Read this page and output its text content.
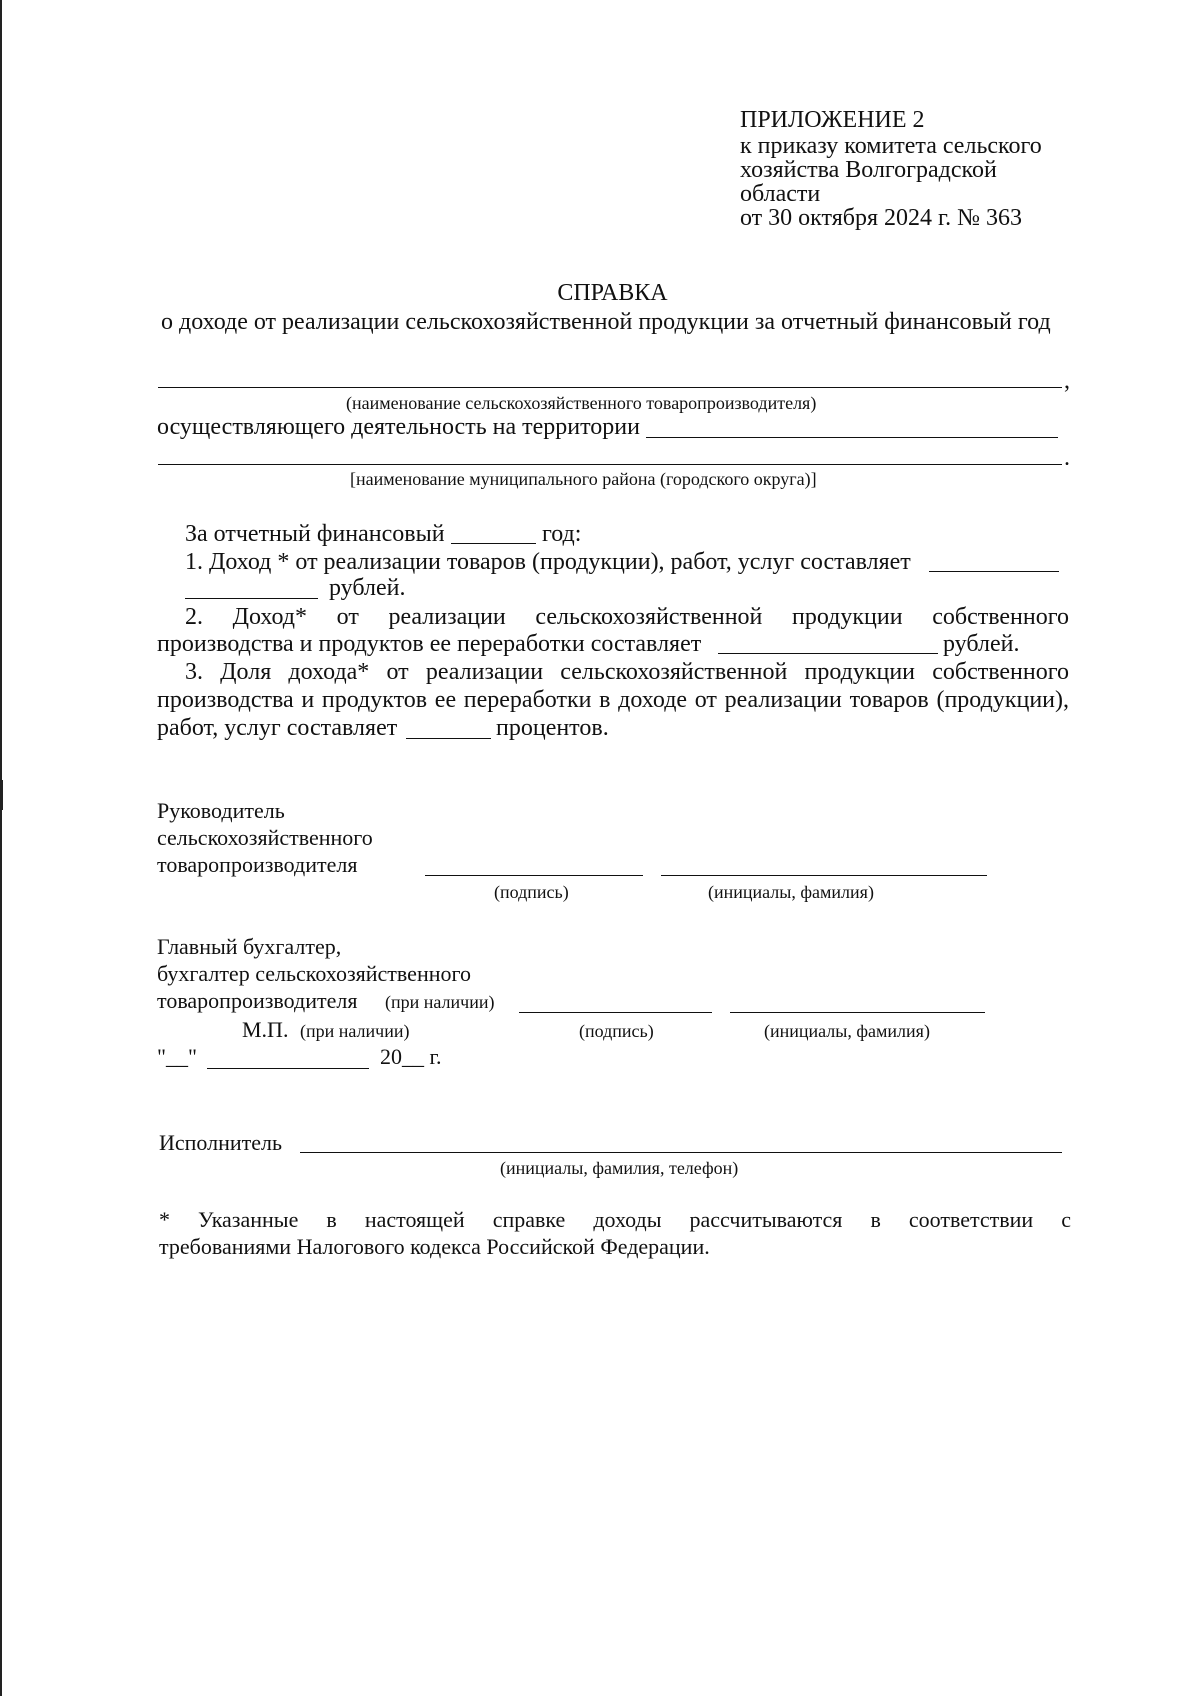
ПРИЛОЖЕНИЕ 2
к приказу комитета сельского
хозяйства Волгоградской
области
от 30 октября 2024 г. № 363
СПРАВКА
о доходе от реализации сельскохозяйственной продукции за отчетный финансовый год
,
(наименование сельскохозяйственного товаропроизводителя)
осуществляющего деятельность на территории
.
[наименование муниципального района (городского округа)]
За отчетный финансовый	год:
1. Доход * от реализации товаров (продукции), работ, услуг составляет
рублей.
2. Доход* от реализации сельскохозяйственной продукции собственного
производства и продуктов ее переработки составляет	рублей.
3. Доля дохода* от реализации сельскохозяйственной продукции собственного
производства и продуктов ее переработки в доходе от реализации товаров (продукции),
работ, услуг составляет	процентов.
Руководитель
сельскохозяйственного
товаропроизводителя
(подпись)	(инициалы, фамилия)
Главный бухгалтер,
бухгалтер сельскохозяйственного
товаропроизводителя (при наличии)
М.П. (при наличии)	(подпись)	(инициалы, фамилия)
"__"	20__ г.
Исполнитель
(инициалы, фамилия, телефон)
* Указанные в настоящей справке доходы рассчитываются в соответствии с
требованиями Налогового кодекса Российской Федерации.
